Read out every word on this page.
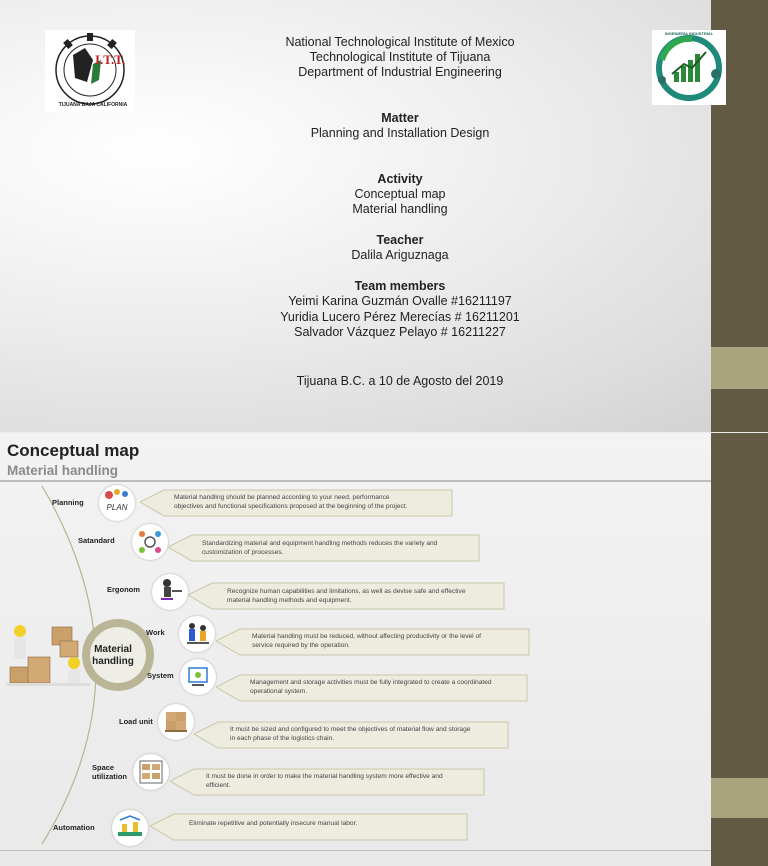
I.T.T.
TIJUANA BAJA CALIFORNIA
INGENIERÍA INDUSTRIAL
National Technological Institute of Mexico
Technological Institute of Tijuana
Department of Industrial Engineering
Matter
Planning and Installation Design
Activity
Conceptual map
Material handling
Teacher
Dalila Ariguznaga
Team members
Yeimi Karina Guzmán Ovalle #16211197
Yuridia Lucero Pérez Merecías # 16211201
Salvador Vázquez Pelayo # 16211227
Tijuana B.C. a 10 de Agosto del 2019
Conceptual map
Material handling
Material
handling
Planning
Satandard
Ergonom
Work
System
Load unit
Space
utilization
Automation
PLAN
Material handling should be planned according to your need, performance
objectives and functional specifications proposed at the beginning of the project.
Standardizing material and equipment handling methods reduces the variety and
customization of processes.
Recognize human capabilities and limitations, as well as devise safe and effective
material handling methods and equipment.
Material handling must be reduced, without affecting productivity or the level of
service required by the operation.
Management and storage activities must be fully integrated to create a coordinated
operational system.
It must be sized and configured to meet the objectives of material flow and storage
in each phase of the logistics chain.
It must be done in order to make the material handling system more effective and
efficient.
Eliminate repetitive and potentially insecure manual labor.
